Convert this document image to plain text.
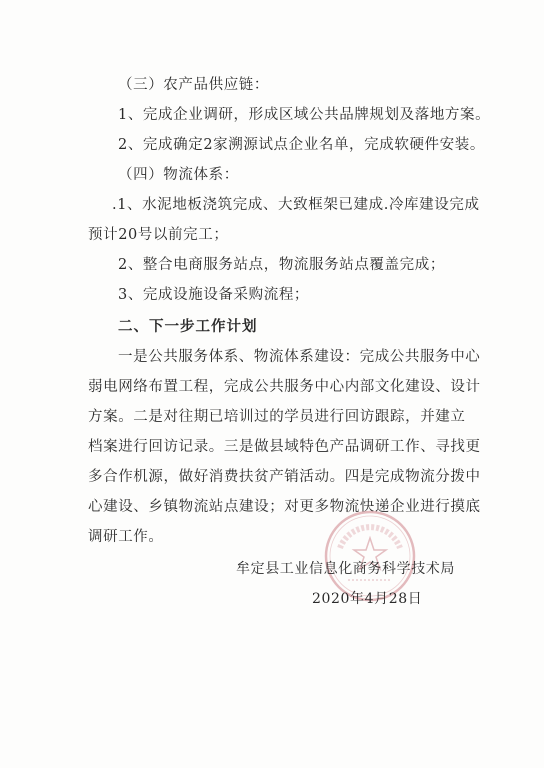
（三）农产品供应链：
1、完成企业调研，形成区域公共品牌规划及落地方案。
2、完成确定2家溯源试点企业名单，完成软硬件安装。
（四）物流体系：
.1、水泥地板浇筑完成、大致框架已建成.冷库建设完成
预计20号以前完工；
2、整合电商服务站点，物流服务站点覆盖完成；
3、完成设施设备采购流程；
二、下一步工作计划
一是公共服务体系、物流体系建设：完成公共服务中心
弱电网络布置工程，完成公共服务中心内部文化建设、设计
方案。二是对往期已培训过的学员进行回访跟踪，并建立
档案进行回访记录。三是做县域特色产品调研工作、寻找更
多合作机源，做好消费扶贫产销活动。四是完成物流分拨中
心建设、乡镇物流站点建设；对更多物流快递企业进行摸底
调研工作。
牟定县工业信息化商务科学技术局
2020年4月28日
